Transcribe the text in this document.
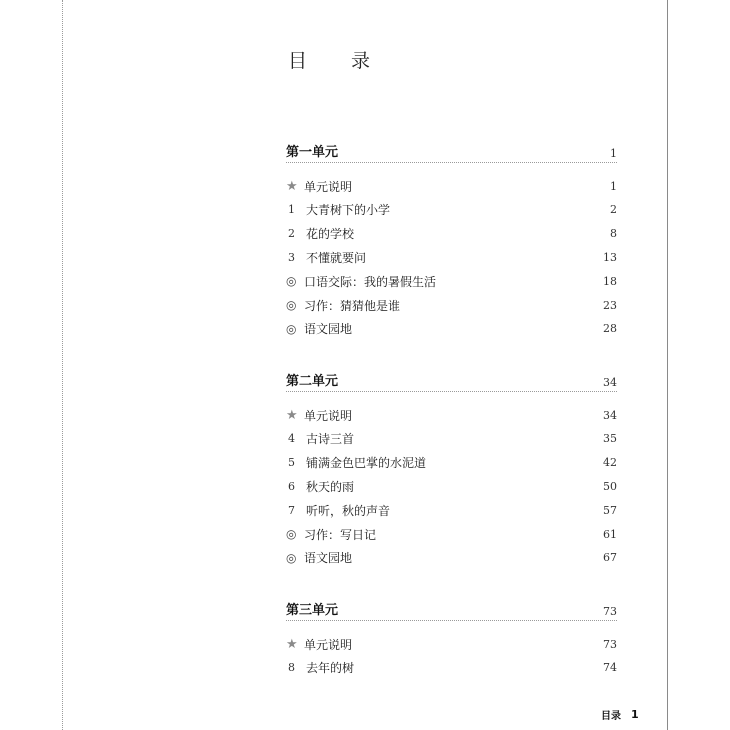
目 录
第一单元	1
★ 单元说明	1
1 大青树下的小学	2
2 花的学校	8
3 不懂就要问	13
◎ 口语交际：我的暑假生活	18
◎ 习作：猜猜他是谁	23
◎ 语文园地	28
第二单元	34
★ 单元说明	34
4 古诗三首	35
5 铺满金色巴掌的水泥道	42
6 秋天的雨	50
7 听听，秋的声音	57
◎ 习作：写日记	61
◎ 语文园地	67
第三单元	73
★ 单元说明	73
8 去年的树	74
目录 1
